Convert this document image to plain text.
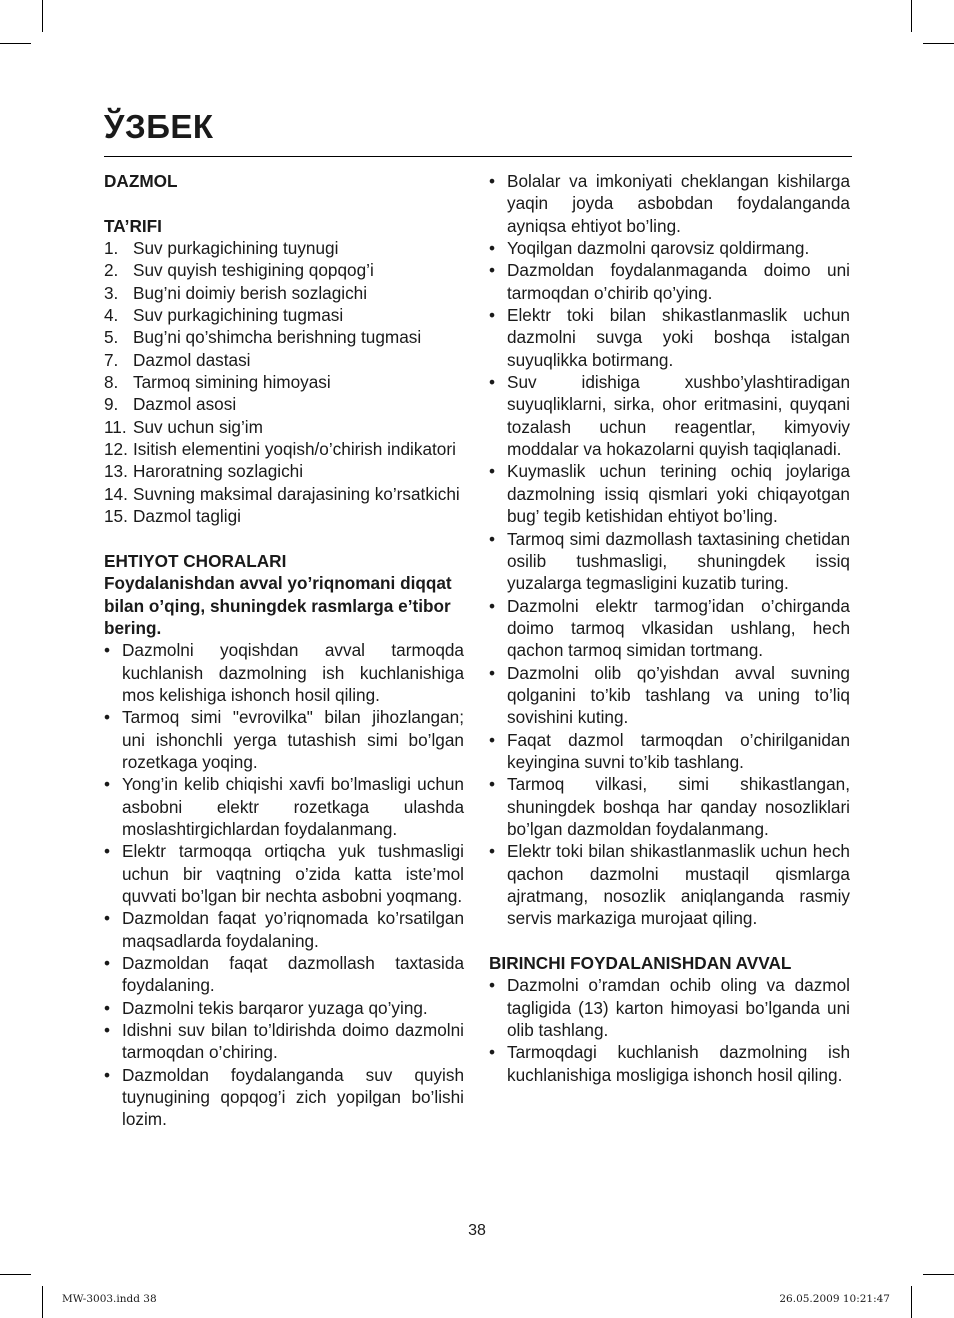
ЎЗБЕК

DAZMOL

TA’RIFI

1. Suv purkagichining tuynugi
2. Suv quyish teshigining qopqog’i
3. Bug’ni doimiy berish sozlagichi
4. Suv purkagichining tugmasi
5. Bug’ni qo’shimcha berishning tugmasi
7. Dazmol dastasi
8. Tarmoq simining himoyasi
9. Dazmol asosi
11. Suv uchun sig’im
12. Isitish elementini yoqish/o’chirish indikatori
13. Haroratning sozlagichi
14. Suvning maksimal darajasining ko’rsatkichi
15. Dazmol tagligi

EHTIYOT CHORALARI

Foydalanishdan avval yo’riqnomani diqqat bilan o’qing, shuningdek rasmlarga e’tibor bering.

• Dazmolni yoqishdan avval tarmoqda kuchlanish dazmolning ish kuchlanishiga mos kelishiga ishonch hosil qiling.
• Tarmoq simi "evrovilka" bilan jihozlangan; uni ishonchli yerga tutashish simi bo’lgan rozetkaga yoqing.
• Yong’in kelib chiqishi xavfi bo’lmasligi uchun asbobni elektr rozetkaga ulashda moslashtirgichlardan foydalanmang.
• Elektr tarmoqqa ortiqcha yuk tushmasligi uchun bir vaqtning o’zida katta iste’mol quvvati bo’lgan bir nechta asbobni yoqmang.
• Dazmoldan faqat yo’riqnomada ko’rsatilgan maqsadlarda foydalaning.
• Dazmoldan faqat dazmollash taxtasida foydalaning.
• Dazmolni tekis barqaror yuzaga qo’ying.
• Idishni suv bilan to’ldirishda doimo dazmolni tarmoqdan o’chiring.
• Dazmoldan foydalanganda suv quyish tuynugining qopqog’i zich yopilgan bo’lishi lozim.
• Bolalar va imkoniyati cheklangan kishilarga yaqin joyda asbobdan foydalanganda ayniqsa ehtiyot bo’ling.
• Yoqilgan dazmolni qarovsiz qoldirmang.
• Dazmoldan foydalanmaganda doimo uni tarmoqdan o’chirib qo’ying.
• Elektr toki bilan shikastlanmaslik uchun dazmolni suvga yoki boshqa istalgan suyuqlikka botirmang.
• Suv idishiga xushbo’ylashtiradigan suyuqliklarni, sirka, ohor eritmasini, quyqani tozalash uchun reagentlar, kimyoviy moddalar va hokazolarni quyish taqiqlanadi.
• Kuymaslik uchun terining ochiq joylariga dazmolning issiq qismlari yoki chiqayotgan bug’ tegib ketishidan ehtiyot bo’ling.
• Tarmoq simi dazmollash taxtasining chetidan osilib tushmasligi, shuningdek issiq yuzalarga tegmasligini kuzatib turing.
• Dazmolni elektr tarmog’idan o’chirganda doimo tarmoq vlkasidan ushlang, hech qachon tarmoq simidan tortmang.
• Dazmolni olib qo’yishdan avval suvning qolganini to’kib tashlang va uning to’liq sovishini kuting.
• Faqat dazmol tarmoqdan o’chirilganidan keyingina suvni to’kib tashlang.
• Tarmoq vilkasi, simi shikastlangan, shuningdek boshqa har qanday nosozliklari bo’lgan dazmoldan foydalanmang.
• Elektr toki bilan shikastlanmaslik uchun hech qachon dazmolni mustaqil qismlarga ajratmang, nosozlik aniqlanganda rasmiy servis markaziga murojaat qiling.

BIRINCHI FOYDALANISHDAN AVVAL

• Dazmolni o’ramdan ochib oling va dazmol tagligida (13) karton himoyasi bo’lganda uni olib tashlang.
• Tarmoqdagi kuchlanish dazmolning ish kuchlanishiga mosligiga ishonch hosil qiling.
38
MW-3003.indd 38	26.05.2009 10:21:47
